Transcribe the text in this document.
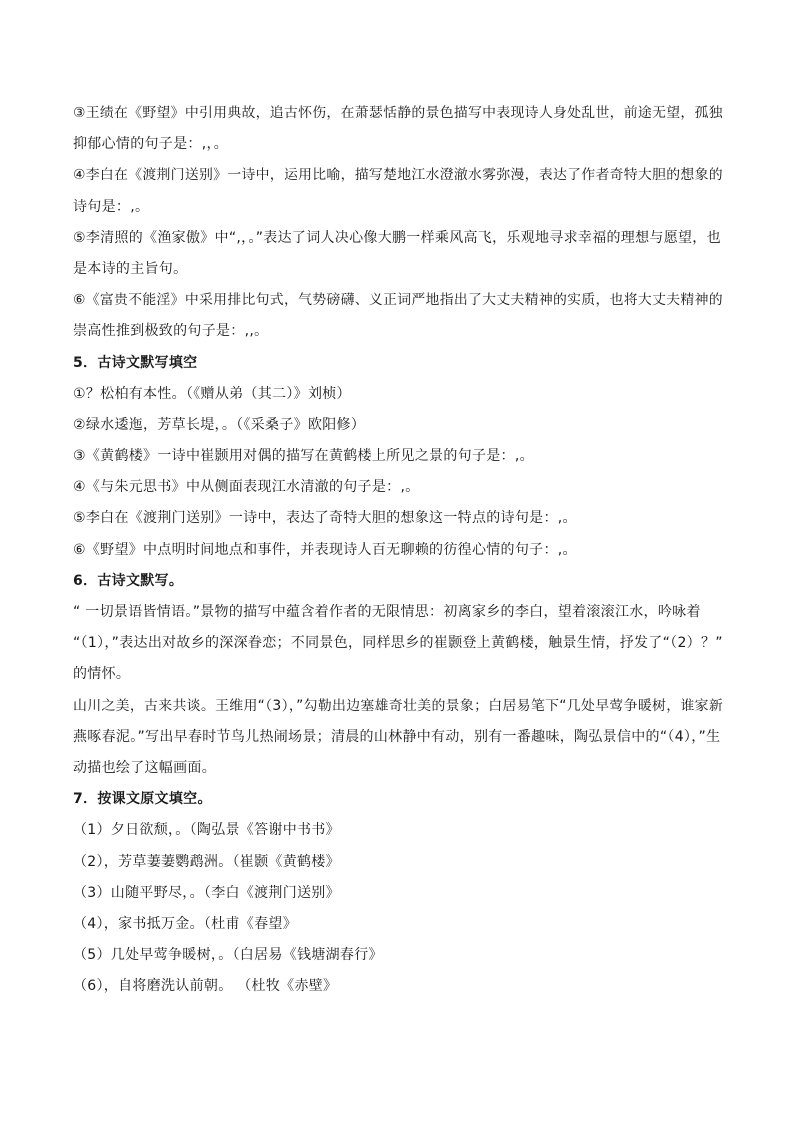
③王绩在《野望》中引用典故，追古怀伤，在萧瑟恬静的景色描写中表现诗人身处乱世，前途无望，孤独
抑郁心情的句子是：,，。
④李白在《渡荆门送别》一诗中，运用比喻，描写楚地江水澄澈水雾弥漫，表达了作者奇特大胆的想象的
诗句是：,。
⑤李清照的《渔家傲》中“,，。”表达了词人决心像大鹏一样乘风高飞，乐观地寻求幸福的理想与愿望，也
是本诗的主旨句。
⑥《富贵不能淫》中采用排比句式，气势磅礴、义正词严地指出了大丈夫精神的实质，也将大丈夫精神的
崇高性推到极致的句子是：,,。
5．古诗文默写填空
①？松柏有本性。（《赠从弟（其二）》刘桢）
②绿水逶迤，芳草长堤，。（《采桑子》欧阳修）
③《黄鹤楼》一诗中崔颢用对偶的描写在黄鹤楼上所见之景的句子是：,。
④《与朱元思书》中从侧面表现江水清澈的句子是：,。
⑤李白在《渡荆门送别》一诗中，表达了奇特大胆的想象这一特点的诗句是：,。
⑥《野望》中点明时间地点和事件，并表现诗人百无聊赖的彷徨心情的句子：,。
6．古诗文默写。
“ 一切景语皆情语。”景物的描写中蕴含着作者的无限情思：初离家乡的李白，望着滚滚江水，吟咏着
“（1），”表达出对故乡的深深眷恋；不同景色，同样思乡的崔颢登上黄鹤楼，触景生情，抒发了“（2）？”
的情怀。
山川之美，古来共谈。王维用“（3），”勾勒出边塞雄奇壮美的景象；白居易笔下“几处早莺争暖树，谁家新
燕啄春泥。”写出早春时节鸟儿热闹场景；清晨的山林静中有动，别有一番趣味，陶弘景信中的“（4），”生
动描也绘了这幅画面。
7．按课文原文填空。
（1）夕日欲颓，。（陶弘景《答谢中书书》
（2），芳草萋萋鹦鹉洲。（崔颢《黄鹤楼》
（3）山随平野尽，。（李白《渡荆门送别》
（4），家书抵万金。（杜甫《春望》
（5）几处早莺争暖树，。（白居易《钱塘湖春行》
（6），自将磨洗认前朝。 （杜牧《赤壁》
